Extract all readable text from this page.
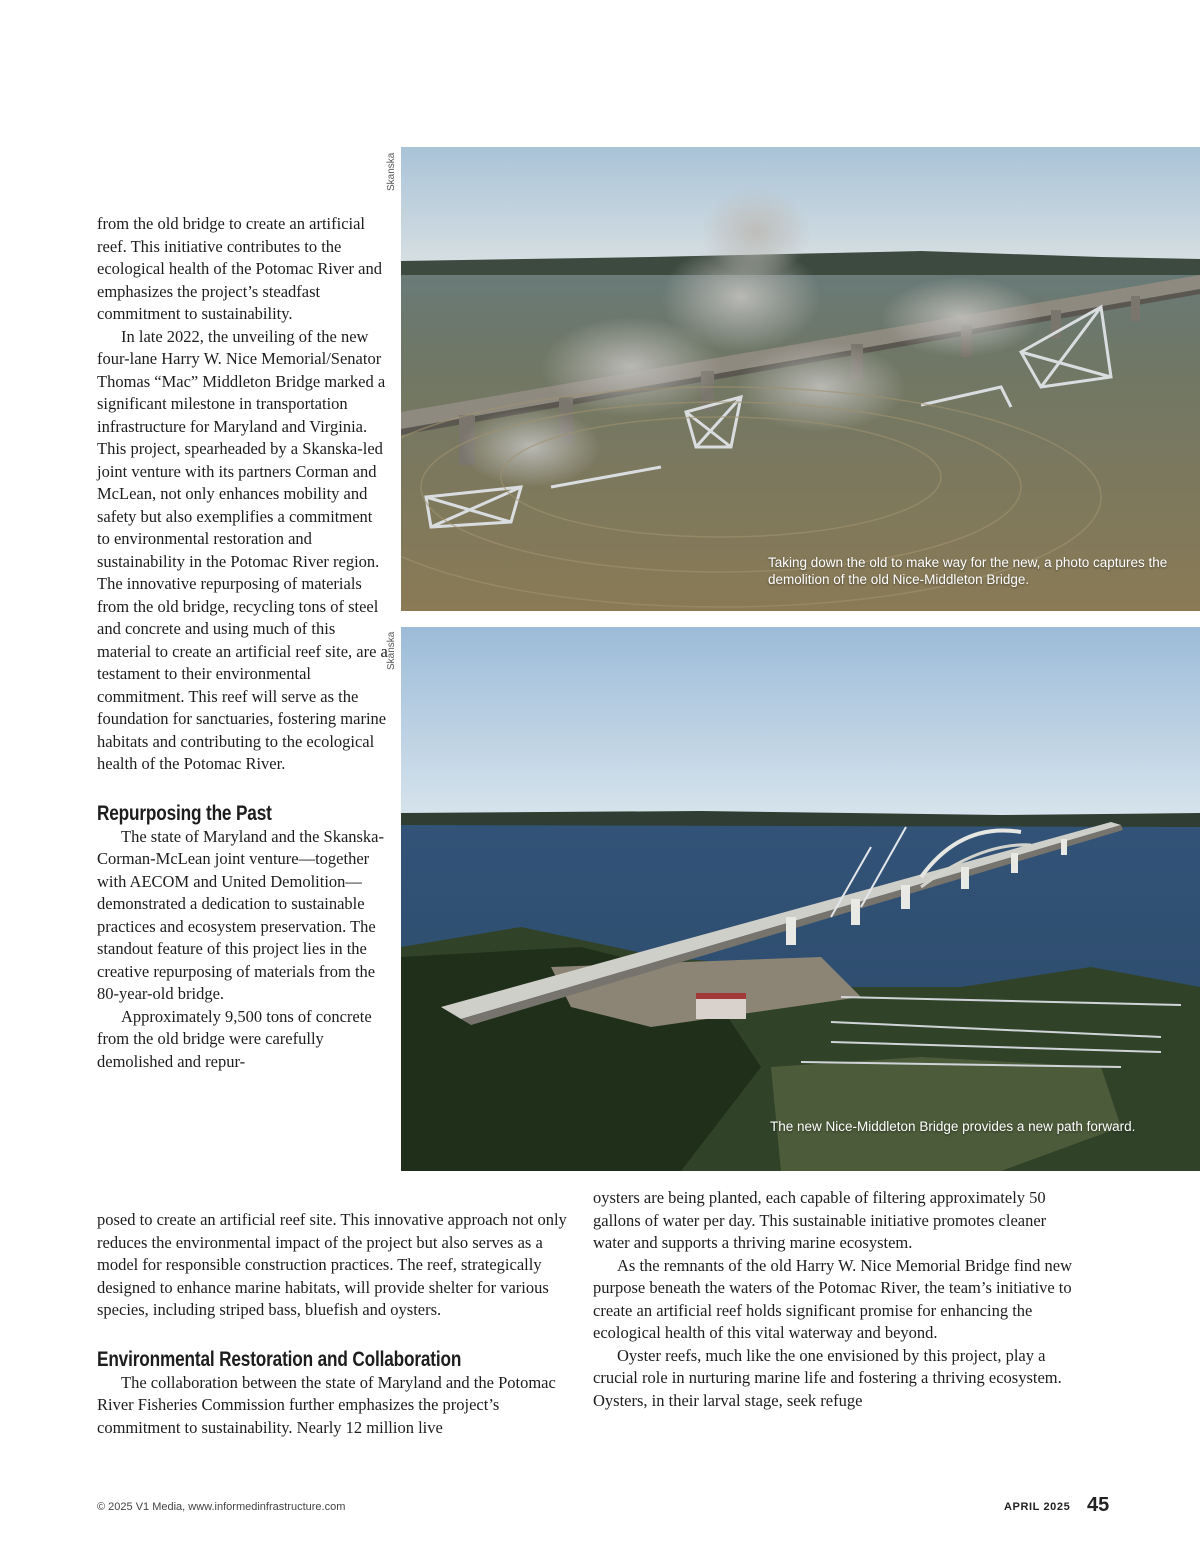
from the old bridge to create an artificial reef. This initiative contributes to the ecological health of the Potomac River and emphasizes the project’s steadfast commitment to sustainability.

In late 2022, the unveiling of the new four-lane Harry W. Nice Memorial/Senator Thomas “Mac” Middleton Bridge marked a significant milestone in transportation infrastructure for Maryland and Virginia. This project, spearheaded by a Skanska-led joint venture with its partners Corman and McLean, not only enhances mobility and safety but also exemplifies a commitment to environmental restoration and sustainability in the Potomac River region. The innovative repurposing of materials from the old bridge, recycling tons of steel and concrete and using much of this material to create an artificial reef site, are a testament to their environmental commitment. This reef will serve as the foundation for sanctuaries, fostering marine habitats and contributing to the ecological health of the Potomac River.

Repurposing the Past

The state of Maryland and the Skanska-Corman-McLean joint venture—together with AECOM and United Demolition—demonstrated a dedication to sustainable practices and ecosystem preservation. The standout feature of this project lies in the creative repurposing of materials from the 80-year-old bridge.

Approximately 9,500 tons of concrete from the old bridge were carefully demolished and repur-

posed to create an artificial reef site. This innovative approach not only reduces the environmental impact of the project but also serves as a model for responsible construction practices. The reef, strategically designed to enhance marine habitats, will provide shelter for various species, including striped bass, bluefish and oysters.

Environmental Restoration and Collaboration

The collaboration between the state of Maryland and the Potomac River Fisheries Commission further emphasizes the project’s commitment to sustainability. Nearly 12 million live

oysters are being planted, each capable of filtering approximately 50 gallons of water per day. This sustainable initiative promotes cleaner water and supports a thriving marine ecosystem.

As the remnants of the old Harry W. Nice Memorial Bridge find new purpose beneath the waters of the Potomac River, the team’s initiative to create an artificial reef holds significant promise for enhancing the ecological health of this vital waterway and beyond.

Oyster reefs, much like the one envisioned by this project, play a crucial role in nurturing marine life and fostering a thriving ecosystem. Oysters, in their larval stage, seek refuge

Skanska
Skanska
Taking down the old to make way for the new, a photo captures the demolition of the old Nice-Middleton Bridge.
The new Nice-Middleton Bridge provides a new path forward.
© 2025 V1 Media, www.informedinfrastructure.com	APRIL 2025 45
